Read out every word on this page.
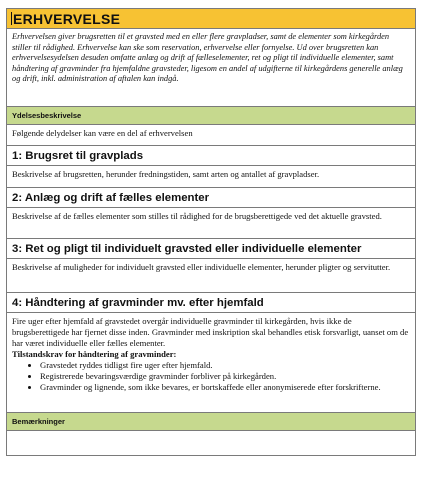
ERHVERVELSE
Erhvervelsen giver brugsretten til et gravsted med en eller flere gravpladser, samt de elementer som kirkegården stiller til rådighed. Erhvervelse kan ske som reservation, erhvervelse eller fornyelse. Ud over brugsretten kan erhvervelsesydelsen desuden omfatte anlæg og drift af fælleselementer, ret og pligt til individuelle elementer, samt håndtering af gravminder fra hjemfaldne gravsteder, ligesom en andel af udgifterne til kirkegårdens generelle anlæg og drift, inkl. administration af aftalen kan indgå.
Ydelsesbeskrivelse
Følgende delydelser kan være en del af erhvervelsen
1: Brugsret til gravplads
Beskrivelse af brugsretten, herunder fredningstiden, samt arten og antallet af gravpladser.
2: Anlæg og drift af fælles elementer
Beskrivelse af de fælles elementer som stilles til rådighed for de brugsberettigede ved det aktuelle gravsted.
3: Ret og pligt til individuelt gravsted eller individuelle elementer
Beskrivelse af muligheder for individuelt gravsted eller individuelle elementer, herunder pligter og servitutter.
4: Håndtering af gravminder mv. efter hjemfald
Fire uger efter hjemfald af gravstedet overgår individuelle gravminder til kirkegården, hvis ikke de brugsberettigede har fjernet disse inden. Gravminder med inskription skal behandles etisk forsvarligt, uanset om de har været individuelle eller fælles elementer.
Tilstandskrav for håndtering af gravminder:
• Gravstedet ryddes tidligst fire uger efter hjemfald.
• Registrerede bevaringsværdige gravminder forbliver på kirkegården.
• Gravminder og lignende, som ikke bevares, er bortskaffede eller anonymiserede efter forskrifterne.
Bemærkninger
